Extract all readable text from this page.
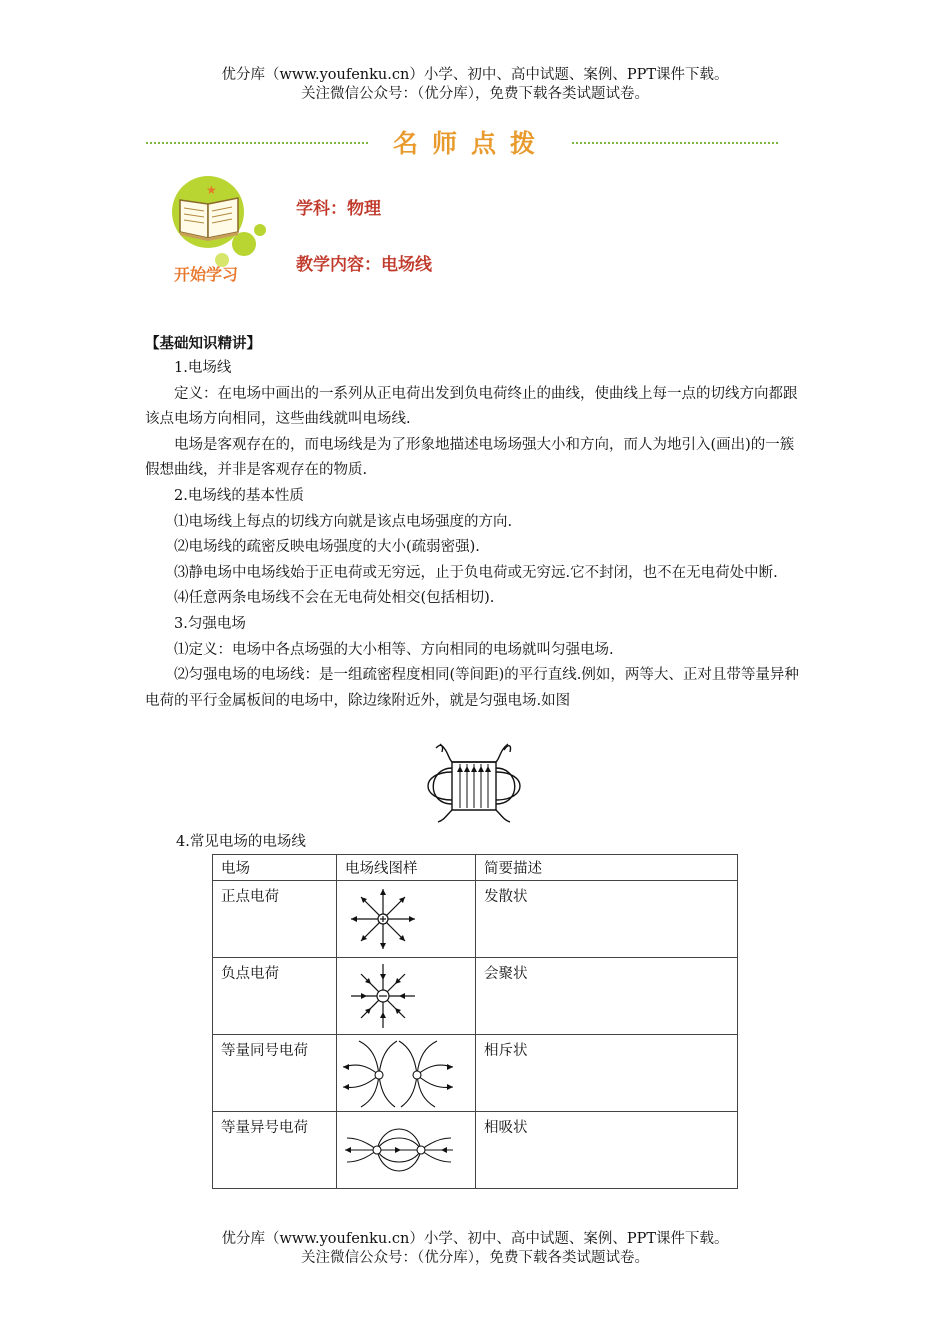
优分库（www.youfenku.cn）小学、初中、高中试题、案例、PPT课件下载。
关注微信公众号：（优分库），免费下载各类试题试卷。
名师点拨
★
开始学习
学科：物理
教学内容：电场线
【基础知识精讲】

1.电场线

定义：在电场中画出的一系列从正电荷出发到负电荷终止的曲线，使曲线上每一点的切线方向都跟该点电场方向相同，这些曲线就叫电场线.

电场是客观存在的，而电场线是为了形象地描述电场场强大小和方向，而人为地引入(画出)的一簇假想曲线，并非是客观存在的物质.

2.电场线的基本性质

⑴电场线上每点的切线方向就是该点电场强度的方向.

⑵电场线的疏密反映电场强度的大小(疏弱密强).

⑶静电场中电场线始于正电荷或无穷远，止于负电荷或无穷远.它不封闭，也不在无电荷处中断.

⑷任意两条电场线不会在无电荷处相交(包括相切).

3.匀强电场

⑴定义：电场中各点场强的大小相等、方向相同的电场就叫匀强电场.

⑵匀强电场的电场线：是一组疏密程度相同(等间距)的平行直线.例如，两等大、正对且带等量异种电荷的平行金属板间的电场中，除边缘附近外，就是匀强电场.如图

4.常见电场的电场线
电场	电场线图样	简要描述
正点电荷		发散状
负点电荷		会聚状
等量同号电荷		相斥状
等量异号电荷		相吸状
优分库（www.youfenku.cn）小学、初中、高中试题、案例、PPT课件下载。
关注微信公众号：（优分库），免费下载各类试题试卷。
